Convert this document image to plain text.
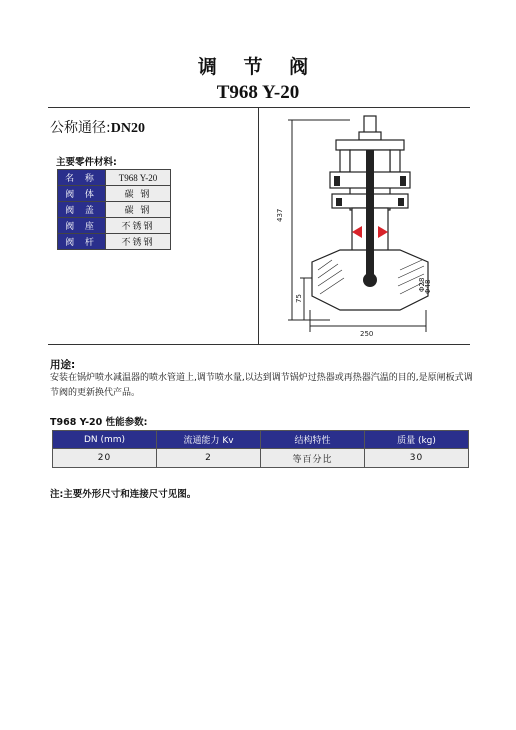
调 节 阀
T968 Y-20
公称通径:DN20
主要零件材料:
名 称	T968 Y-20
阀 体	碳 钢
阀 盖	碳 钢
阀 座	不锈钢
阀 杆	不锈钢
437
75
250
Φ48
Φ28
用途:
安装在锅炉喷水减温器的喷水管道上,调节喷水量,以达到调节锅炉过热器或再热器汽温的目的,是原闸板式调节阀的更新换代产品。
T968 Y-20 性能参数:
DN (mm)	流通能力 Kv	结构特性	质量 (kg)
20	2	等百分比	30
注:主要外形尺寸和连接尺寸见图。
